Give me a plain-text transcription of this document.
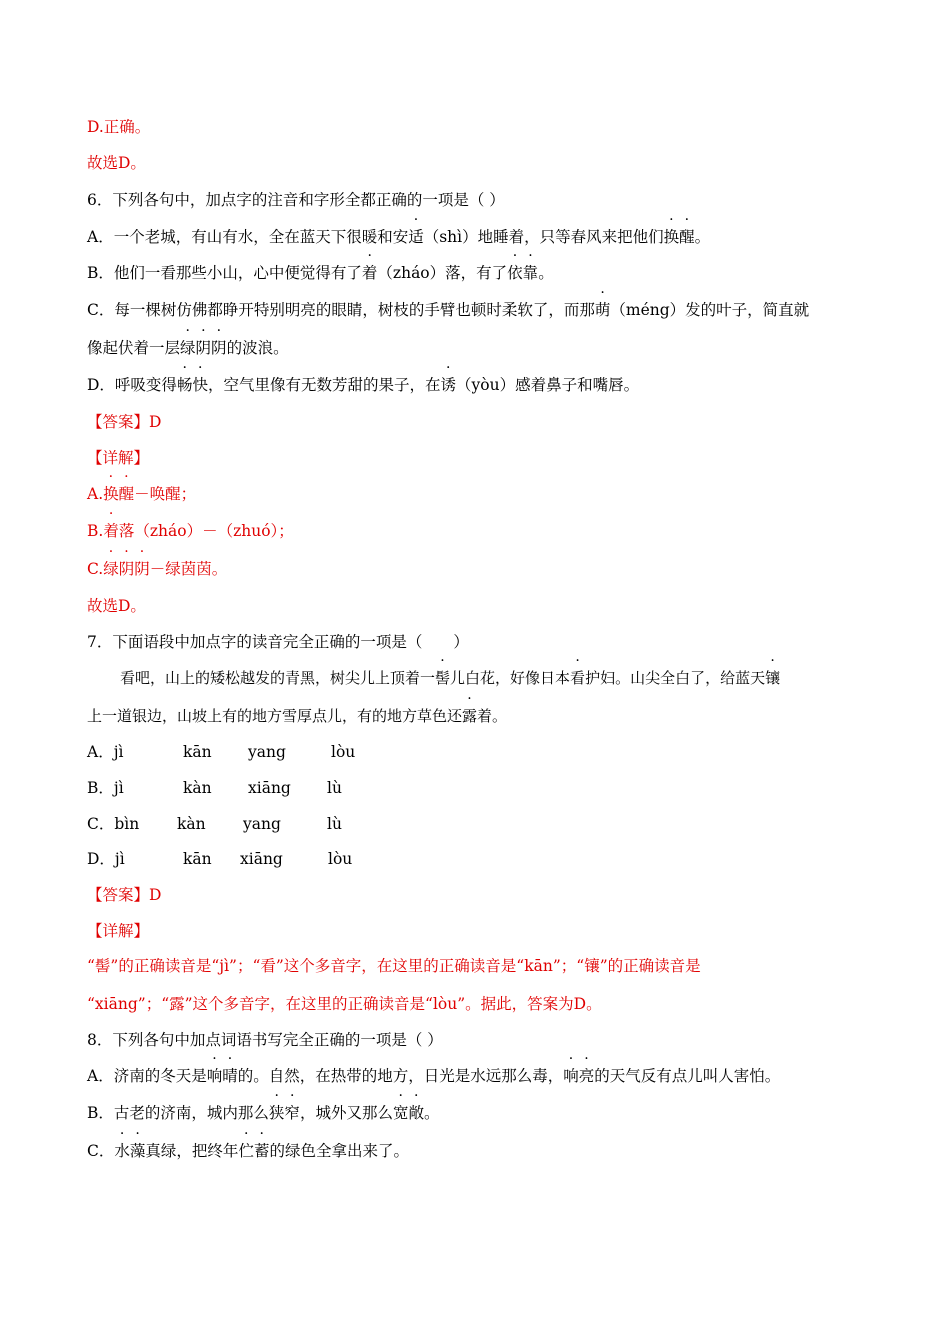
D.正确。
故选D。
6．下列各句中，加点字的注音和字形全都正确的一项是（ ）
A．一个老城，有山有水，全在蓝天下很暖和安适（shì）地睡着，只等春风来把他们换醒。
B．他们一看那些小山，心中便觉得有了着（zháo）落，有了依靠。
C．每一棵树仿佛都睁开特别明亮的眼睛，树枝的手臂也顿时柔软了，而那萌（méng）发的叶子，简直就
像起伏着一层绿阴阴的波浪。
D．呼吸变得畅快，空气里像有无数芳甜的果子，在诱（yòu）感着鼻子和嘴唇。
【答案】D
【详解】
A.换醒－唤醒；
B.着落（zháo）－（zhuó）；
C.绿阴阴－绿茵茵。
故选D。
7．下面语段中加点字的读音完全正确的一项是（　　）
看吧，山上的矮松越发的青黑，树尖儿上顶着一髻儿白花，好像日本看护妇。山尖全白了，给蓝天镶
上一道银边，山坡上有的地方雪厚点儿，有的地方草色还露着。
A．jì	kān yang	lòu
B．jì	kàn xiāng lù
C．bìn kàn yang	lù
D．jì	kān xiāng	lòu
【答案】D
【详解】
“髻”的正确读音是“jì”；“看”这个多音字，在这里的正确读音是“kān”；“镶”的正确读音是
“xiāng”；“露”这个多音字，在这里的正确读音是“lòu”。据此，答案为D。
8．下列各句中加点词语书写完全正确的一项是（ ）
A．济南的冬天是响晴的。自然，在热带的地方，日光是水远那么毒，响亮的天气反有点儿叫人害怕。
B．古老的济南，城内那么狭窄，城外又那么宽敞。
C．水藻真绿，把终年伫蓄的绿色全拿出来了。
